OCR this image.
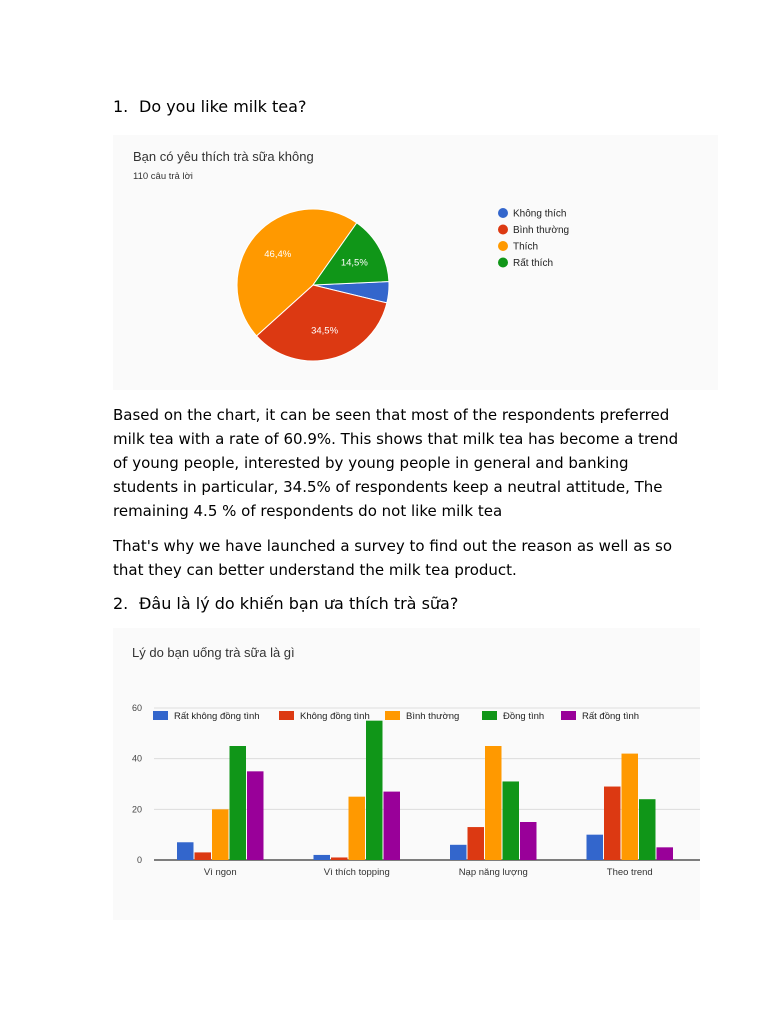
1. Do you like milk tea?
Bạn có yêu thích trà sữa không
110 câu trả lời
34,5%
46,4%
14,5%
Không thích
Bình thường
Thích
Rất thích

Based on the chart, it can be seen that most of the respondents preferred milk tea with a rate of 60.9%. This shows that milk tea has become a trend of young people, interested by young people in general and banking students in particular, 34.5% of respondents keep a neutral attitude, The remaining 4.5 % of respondents do not like milk tea

That's why we have launched a survey to find out the reason as well as so that they can better understand the milk tea product.

2. Đâu là lý do khiến bạn ưa thích trà sữa?
Lý do bạn uống trà sữa là gì
0
20
40
60
Vì ngon	Vì thích topping	Nạp năng lượng	Theo trend
Rất không đồng tình	Không đồng tình	Bình thường	Đồng tình	Rất đồng tình
